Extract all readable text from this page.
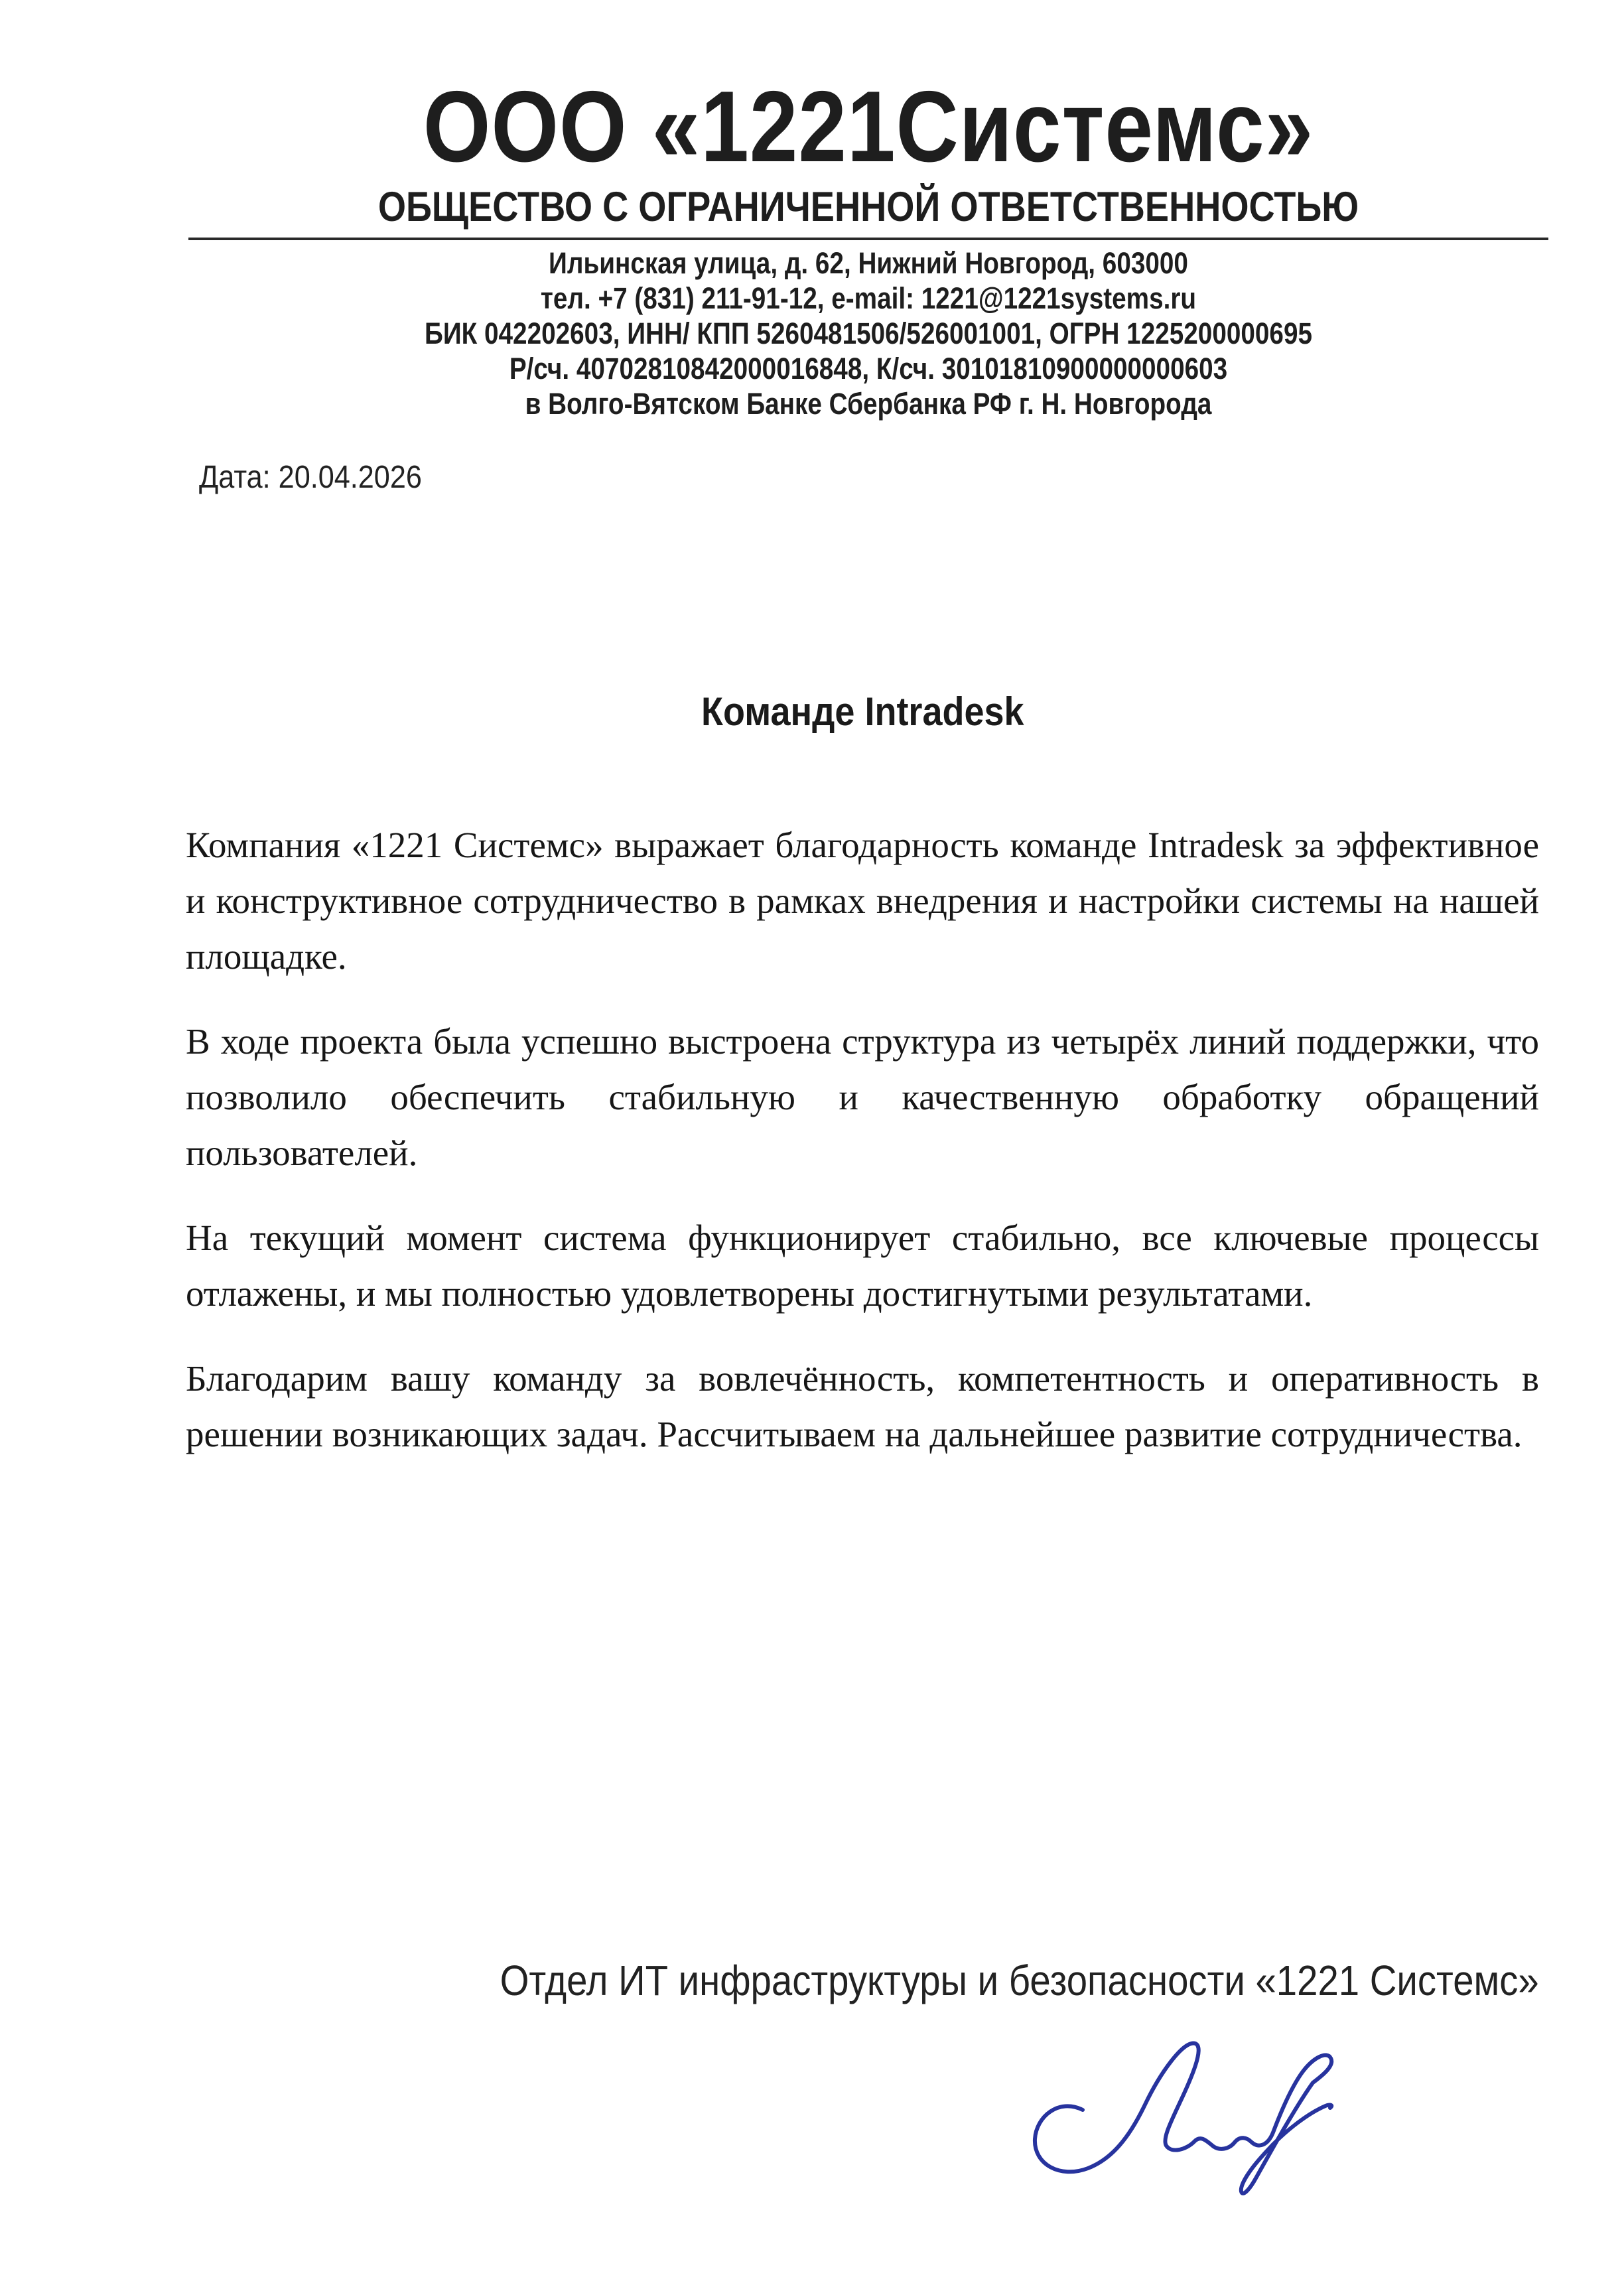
ООО «1221Системс»
ОБЩЕСТВО С ОГРАНИЧЕННОЙ ОТВЕТСТВЕННОСТЬЮ
Ильинская улица, д. 62, Нижний Новгород, 603000
тел. +7 (831) 211-91-12, e-mail: 1221@1221systems.ru
БИК 042202603, ИНН/ КПП 5260481506/526001001, ОГРН 1225200000695
Р/сч. 40702810842000016848, К/сч. 30101810900000000603
в Волго-Вятском Банке Сбербанка РФ г. Н. Новгорода
Дата: 20.04.2026
Команде Intradesk

Компания «1221 Системс» выражает благодарность команде Intradesk за эффективное и конструктивное сотрудничество в рамках внедрения и настройки системы на нашей площадке.

В ходе проекта была успешно выстроена структура из четырёх линий поддержки, что позволило обеспечить стабильную и качественную обработку обращений пользователей.

На текущий момент система функционирует стабильно, все ключевые процессы отлажены, и мы полностью удовлетворены достигнутыми результатами.

Благодарим вашу команду за вовлечённость, компетентность и оперативность в решении возникающих задач. Рассчитываем на дальнейшее развитие сотрудничества.

Отдел ИТ инфраструктуры и безопасности «1221 Системс»
